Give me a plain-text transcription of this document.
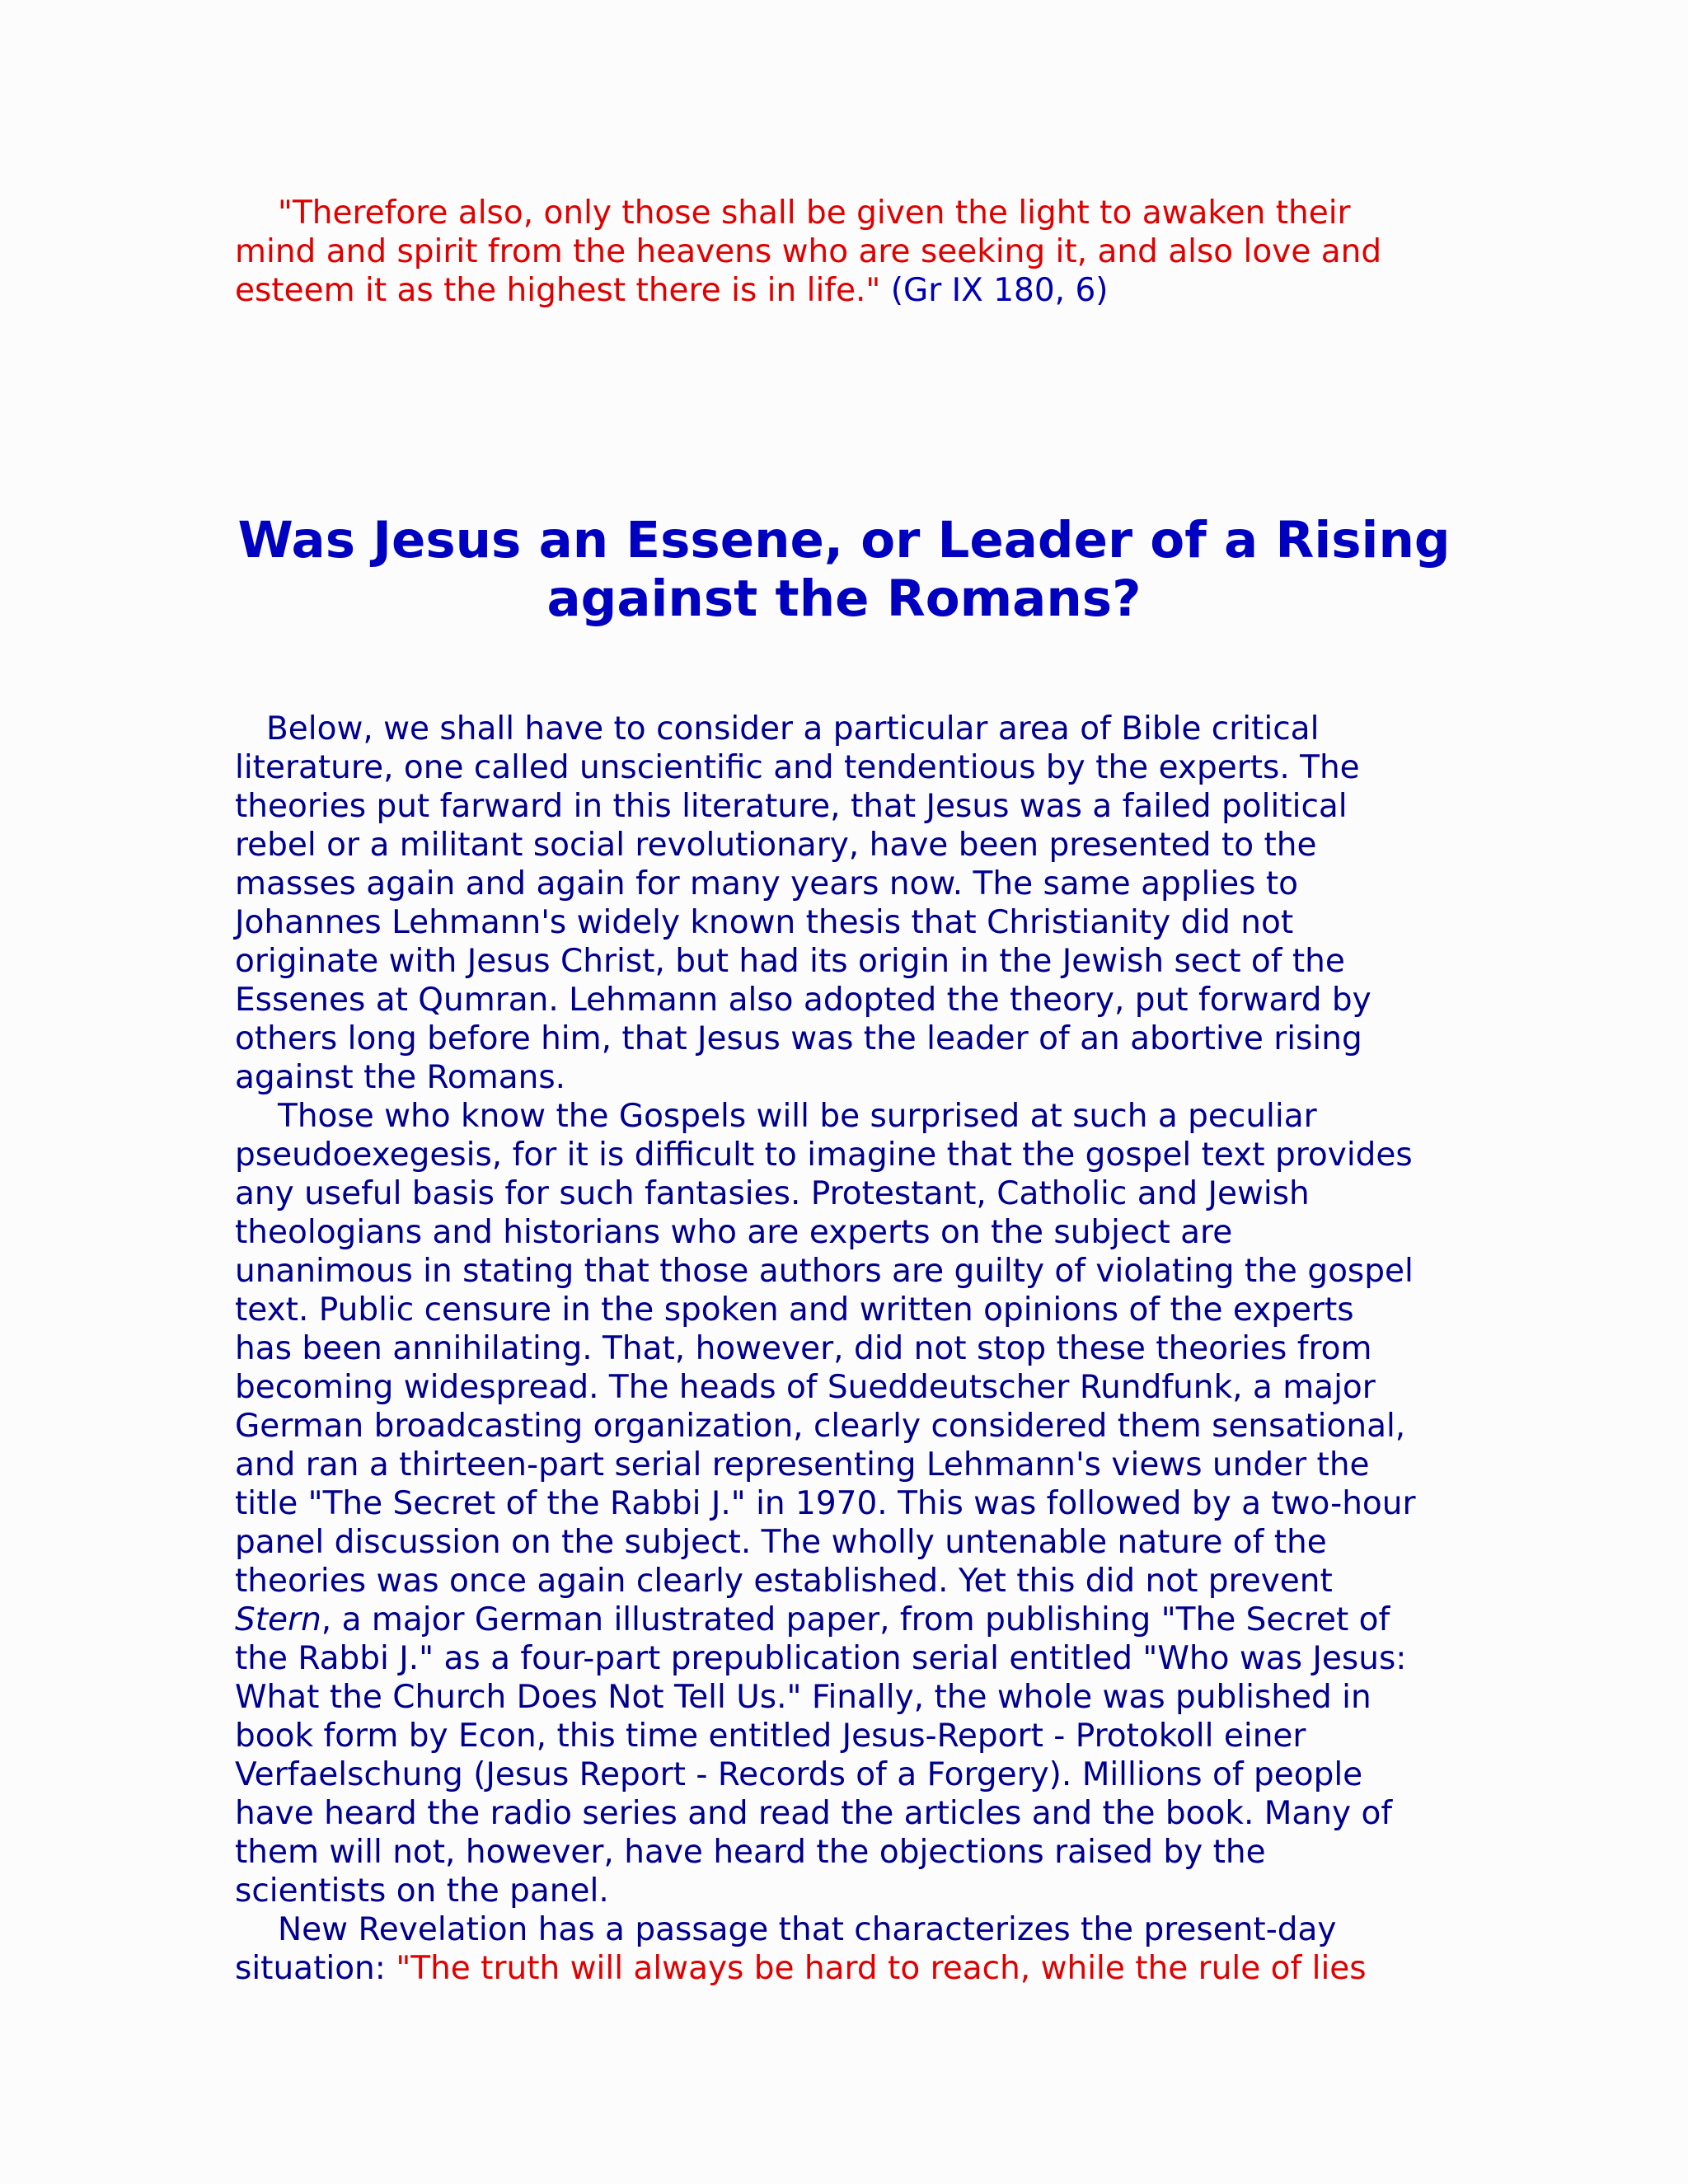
"Therefore also, only those shall be given the light to awaken their
mind and spirit from the heavens who are seeking it, and also love and
esteem it as the highest there is in life." (Gr IX 180, 6)

Was Jesus an Essene, or Leader of a Rising
against the Romans?
Below, we shall have to consider a particular area of Bible critical
literature, one called unscientific and tendentious by the experts. The
theories put farward in this literature, that Jesus was a failed political
rebel or a militant social revolutionary, have been presented to the
masses again and again for many years now. The same applies to
Johannes Lehmann's widely known thesis that Christianity did not
originate with Jesus Christ, but had its origin in the Jewish sect of the
Essenes at Qumran. Lehmann also adopted the theory, put forward by
others long before him, that Jesus was the leader of an abortive rising
against the Romans.
Those who know the Gospels will be surprised at such a peculiar
pseudoexegesis, for it is difficult to imagine that the gospel text provides
any useful basis for such fantasies. Protestant, Catholic and Jewish
theologians and historians who are experts on the subject are
unanimous in stating that those authors are guilty of violating the gospel
text. Public censure in the spoken and written opinions of the experts
has been annihilating. That, however, did not stop these theories from
becoming widespread. The heads of Sueddeutscher Rundfunk, a major
German broadcasting organization, clearly considered them sensational,
and ran a thirteen-part serial representing Lehmann's views under the
title "The Secret of the Rabbi J." in 1970. This was followed by a two-hour
panel discussion on the subject. The wholly untenable nature of the
theories was once again clearly established. Yet this did not prevent
Stern, a major German illustrated paper, from publishing "The Secret of
the Rabbi J." as a four-part prepublication serial entitled "Who was Jesus:
What the Church Does Not Tell Us." Finally, the whole was published in
book form by Econ, this time entitled Jesus-Report - Protokoll einer
Verfaelschung (Jesus Report - Records of a Forgery). Millions of people
have heard the radio series and read the articles and the book. Many of
them will not, however, have heard the objections raised by the
scientists on the panel.
New Revelation has a passage that characterizes the present-day
situation: "The truth will always be hard to reach, while the rule of lies
